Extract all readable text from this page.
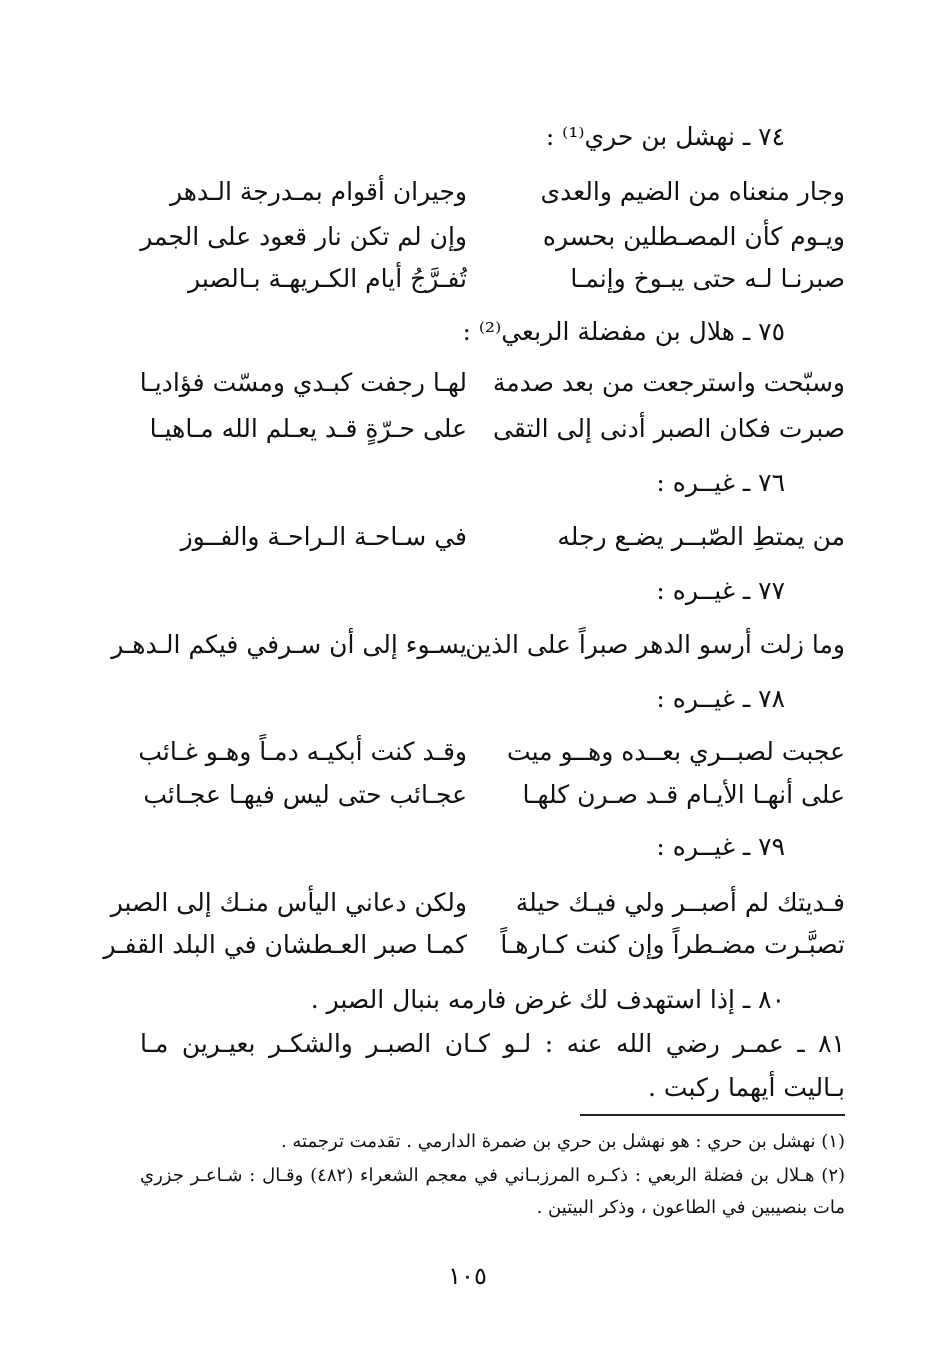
٧٤ ـ نهشل بن حري⁽¹⁾ :
وجار منعناه من الضيم والعدى
وجيران أقوام بمـدرجة الـدهر
ويـوم كأن المصـطلين بحسره
وإن لم تكن نار قعود على الجمر
صبرنـا لـه حتى يبـوخ وإنمـا
تُفـرَّجُ أيام الكـريهـة بـالصبر
٧٥ ـ هلال بن مفضلة الربعي⁽²⁾ :
وسبّحت واسترجعت من بعد صدمة
لهـا رجفت كبـدي ومسّت فؤاديـا
صبرت فكان الصبر أدنى إلى التقى
على حـرّةٍ قـد يعـلم الله مـاهيـا
٧٦ ـ غيــره :
من يمتطِ الصّبــر يضـع رجله
في سـاحـة الـراحـة والفــوز
٧٧ ـ غيــره :
وما زلت أرسو الدهر صبراً على الذين
يسـوء إلى أن سـرفي فيكم الـدهـر
٧٨ ـ غيــره :
عجبت لصبــري بعــده وهــو ميت
وقـد كنت أبكيـه دمـاً وهـو غـائب
على أنهـا الأيـام قـد صـرن كلهـا
عجـائب حتى ليس فيهـا عجـائب
٧٩ ـ غيــره :
فـديتك لم أصبــر ولي فيـك حيلة
ولكن دعاني اليأس منـك إلى الصبر
تصبَّـرت مضـطراً وإن كنت كـارهـاً
كمـا صبر العـطشان في البلد القفـر
٨٠ ـ إذا استهدف لك غرض فارمه بنبال الصبر .
٨١ ـ عمـر رضي الله عنه : لـو كـان الصبـر والشكـر بعيـرين مـا بـاليت أيهما ركبت .
(١) نهشل بن حري : هو نهشل بن حري بن ضمرة الدارمي . تقدمت ترجمته .
(٢) هـلال بن فضلة الربعي : ذكـره المرزبـاني في معجم الشعراء (٤٨٢) وقـال : شـاعـر جزري مات بنصيبين في الطاعون ، وذكر البيتين .
١٠٥
